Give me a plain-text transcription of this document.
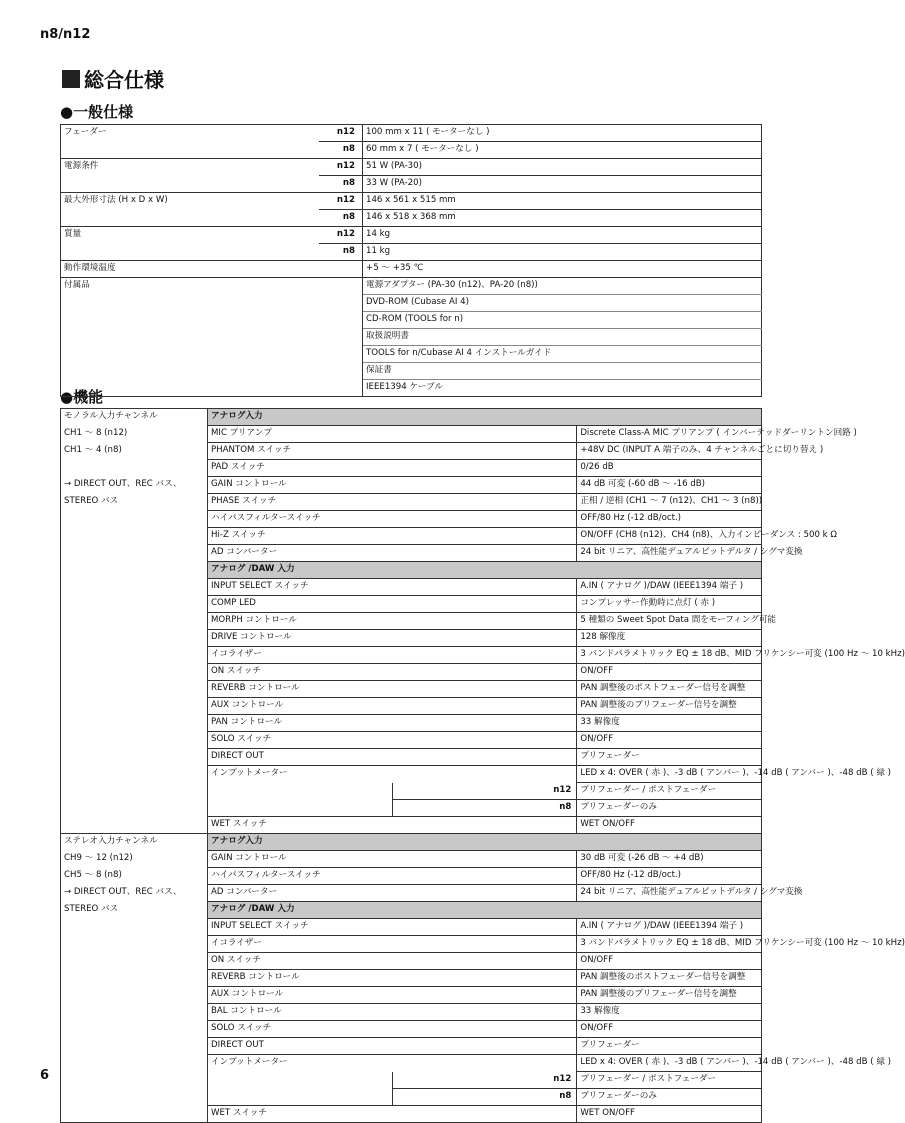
n8/n12
総合仕様
●一般仕様
●機能
フェーダー	n12	100 mm x 11 ( モーターなし )
	n8	60 mm x 7 ( モーターなし )
電源条件	n12	51 W (PA-30)
	n8	33 W (PA-20)
最大外形寸法 (H x D x W)	n12	146 x 561 x 515 mm
	n8	146 x 518 x 368 mm
質量	n12	14 kg
	n8	11 kg
動作環境温度		+5 ～ +35 ℃
付属品		電源アダプター (PA-30 (n12)、PA-20 (n8))
		DVD-ROM (Cubase AI 4)
		CD-ROM (TOOLS for n)
		取扱説明書
		TOOLS for n/Cubase AI 4 インストールガイド
		保証書
		IEEE1394 ケーブル
モノラル入力チャンネル	アナログ入力		
CH1 ～ 8 (n12)	MIC プリアンプ		Discrete Class-A MIC プリアンプ ( インバーテッドダーリントン回路 )
CH1 ～ 4 (n8)	PHANTOM スイッチ		+48V DC (INPUT A 端子のみ、4 チャンネルごとに切り替え )
	PAD スイッチ		0/26 dB
→ DIRECT OUT、REC バス、	GAIN コントロール		44 dB 可変 (-60 dB ～ -16 dB)
STEREO バス	PHASE スイッチ		正相 / 逆相 (CH1 ～ 7 (n12)、CH1 ～ 3 (n8))
	ハイパスフィルタースイッチ		OFF/80 Hz (-12 dB/oct.)
	Hi-Z スイッチ		ON/OFF (CH8 (n12)、CH4 (n8)、入力インピーダンス : 500 k Ω
	AD コンバーター		24 bit リニア、高性能デュアルビットデルタ / シグマ変換
	アナログ /DAW 入力		
	INPUT SELECT スイッチ		A.IN ( アナログ )/DAW (IEEE1394 端子 )
	COMP LED		コンプレッサー作動時に点灯 ( 赤 )
	MORPH コントロール		5 種類の Sweet Spot Data 間をモーフィング可能
	DRIVE コントロール		128 解像度
	イコライザー		3 バンドパラメトリック EQ ± 18 dB、MID フリケンシー可変 (100 Hz ～ 10 kHz)
	ON スイッチ		ON/OFF
	REVERB コントロール		PAN 調整後のポストフェーダー信号を調整
	AUX コントロール		PAN 調整後のプリフェーダー信号を調整
	PAN コントロール		33 解像度
	SOLO スイッチ		ON/OFF
	DIRECT OUT		プリフェーダー
	インプットメーター		LED x 4: OVER ( 赤 )、-3 dB ( アンバー )、-14 dB ( アンバー )、-48 dB ( 緑 )
		n12	プリフェーダー / ポストフェーダー
		n8	プリフェーダーのみ
	WET スイッチ		WET ON/OFF
ステレオ入力チャンネル	アナログ入力		
CH9 ～ 12 (n12)	GAIN コントロール		30 dB 可変 (-26 dB ～ +4 dB)
CH5 ～ 8 (n8)	ハイパスフィルタースイッチ		OFF/80 Hz (-12 dB/oct.)
→ DIRECT OUT、REC バス、	AD コンバーター		24 bit リニア、高性能デュアルビットデルタ / シグマ変換
STEREO バス	アナログ /DAW 入力		
	INPUT SELECT スイッチ		A.IN ( アナログ )/DAW (IEEE1394 端子 )
	イコライザー		3 バンドパラメトリック EQ ± 18 dB、MID フリケンシー可変 (100 Hz ～ 10 kHz)
	ON スイッチ		ON/OFF
	REVERB コントロール		PAN 調整後のポストフェーダー信号を調整
	AUX コントロール		PAN 調整後のプリフェーダー信号を調整
	BAL コントロール		33 解像度
	SOLO スイッチ		ON/OFF
	DIRECT OUT		プリフェーダー
	インプットメーター		LED x 4: OVER ( 赤 )、-3 dB ( アンバー )、-14 dB ( アンバー )、-48 dB ( 緑 )
		n12	プリフェーダー / ポストフェーダー
		n8	プリフェーダーのみ
	WET スイッチ		WET ON/OFF
6
